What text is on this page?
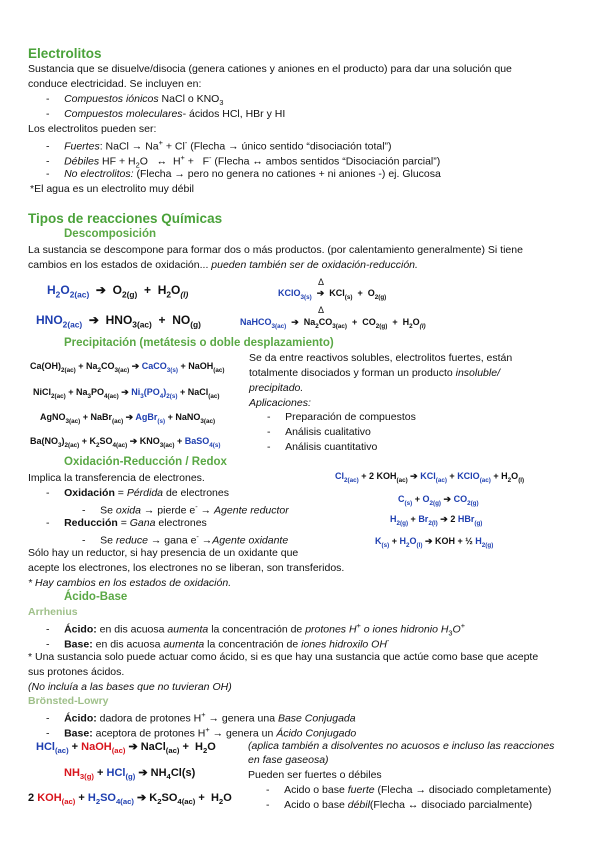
Electrolitos
Sustancia que se disuelve/disocia (genera cationes y aniones en el producto) para dar una solución que
conduce electricidad. Se incluyen en:
-     Compuestos iónicos NaCl o $KNO_3$
-     Compuestos moleculares- ácidos HCl, HBr y HI
Los electrolitos pueden ser:
-     Fuertes: NaCl → Na+ + Cl- (Flecha → único sentido “disociación total”)
-     Débiles HF + $H_2O$   ↔  H+ +   F- (Flecha ↔ ambos sentidos “Disociación parcial”)
-     No electrolitos: (Flecha → pero no genera no cationes + ni aniones -) ej. Glucosa
*El agua es un electrolito muy débil
Tipos de reacciones Químicas
Descomposición
La sustancia se descompone para formar dos o más productos. (por calentamiento generalmente) Si tiene
cambios en los estados de oxidación... pueden también ser de oxidación-reducción.
$H_2O_{2(ac)}$  ➔  $O_{2(g)} + H_2O_{(l)}$	KClO$_{3(s)}$  ➔  $KCl_{(s)} + O_{2(g)}$
Δ
$HNO_{2(ac)}$  ➔  $HNO_{3(ac)} + NO_{(g)}$	NaHCO$_{3(ac)}$  ➔  $Na_2CO_{3(ac)} + CO_{2(g)} + H_2O_{(l)}$
Δ
Precipitación (metátesis o doble desplazamiento)
$Ca(OH)_{2(ac)} + Na_2CO_{3(ac)}$ ➔ CaCO$_{3(s)}$ + NaOH$_{(ac)}$
NiCl$_{2(ac)}$ + $Na_3PO_{4(ac)}$ ➔ $Ni_3(PO_4)_{2(s)}$ + NaCl$_{(ac)}$
AgNO$_{3(ac)}$ + NaBr$_{(ac)}$ ➔ AgBr$_{(s)}$ + NaNO$_{3(ac)}$
$Ba(NO_3)_{2(ac)} + K_2SO_{4(ac)}$ ➔ $KNO_{3(ac)}$ + BaSO$_{4(s)}$
Se da entre reactivos solubles, electrolitos fuertes, están
totalmente disociados y forman un producto insoluble/
precipitado.
Aplicaciones:
-     Preparación de compuestos
-     Análisis cualitativo
-     Análisis cuantitativo
Oxidación-Reducción / Redox
Implica la transferencia de electrones.
-     Oxidación = Pérdida de electrones
-     Se oxida → pierde e- → Agente reductor
-     Reducción = Gana electrones
-     Se reduce → gana e- →Agente oxidante
Sólo hay un reductor, si hay presencia de un oxidante que
acepte los electrones, los electrones no se liberan, son transferidos.
* Hay cambios en los estados de oxidación.
$Cl_{2(ac)} + 2$ $KOH_{(ac)}$ ➔ KCl$_{(ac)}$ + KClO$_{(ac)}$ + $H_2O_{(l)}$
$C_{(s)} + O_{2(g)}$ ➔ $CO_{2(g)}$
$H_{2(g)} + Br_{2(l)}$ ➔ 2 HBr$_{(g)}$
$K_{(s)} + H_2O_{(l)}$ ➔ KOH + ½ $H_{2(g)}$
Ácido-Base
Arrhenius
-     Ácido: en dis acuosa aumenta la concentración de protones H+ o iones hidronio $H_3O^+$
-     Base: en dis acuosa aumenta la concentración de iones hidroxilo OH-
* Una sustancia solo puede actuar como ácido, si es que hay una sustancia que actúe como base que acepte
sus protones ácidos.
(No incluía a las bases que no tuvieran OH)
Brönsted-Lowry
-     Ácido: dadora de protones H+ → genera una Base Conjugada
-     Base: aceptora de protones H+ → genera un Ácido Conjugado
HCl$_{(ac)}$ + NaOH$_{(ac)}$ ➔ NaCl$_{(ac)}$ +  $H_2O$
$NH_{3(g)} + HCl_{(g)}$ ➔ $NH_4Cl(s)$
2 $KOH_{(ac)} + H_2SO_{4(ac)}$ ➔ $K_2SO_{4(ac)} + H_2O$
(aplica también a disolventes no acuosos e incluso las reacciones
en fase gaseosa)
Pueden ser fuertes o débiles
-     Acido o base fuerte (Flecha → disociado completamente)
-     Acido o base débil(Flecha ↔ disociado parcialmente)
